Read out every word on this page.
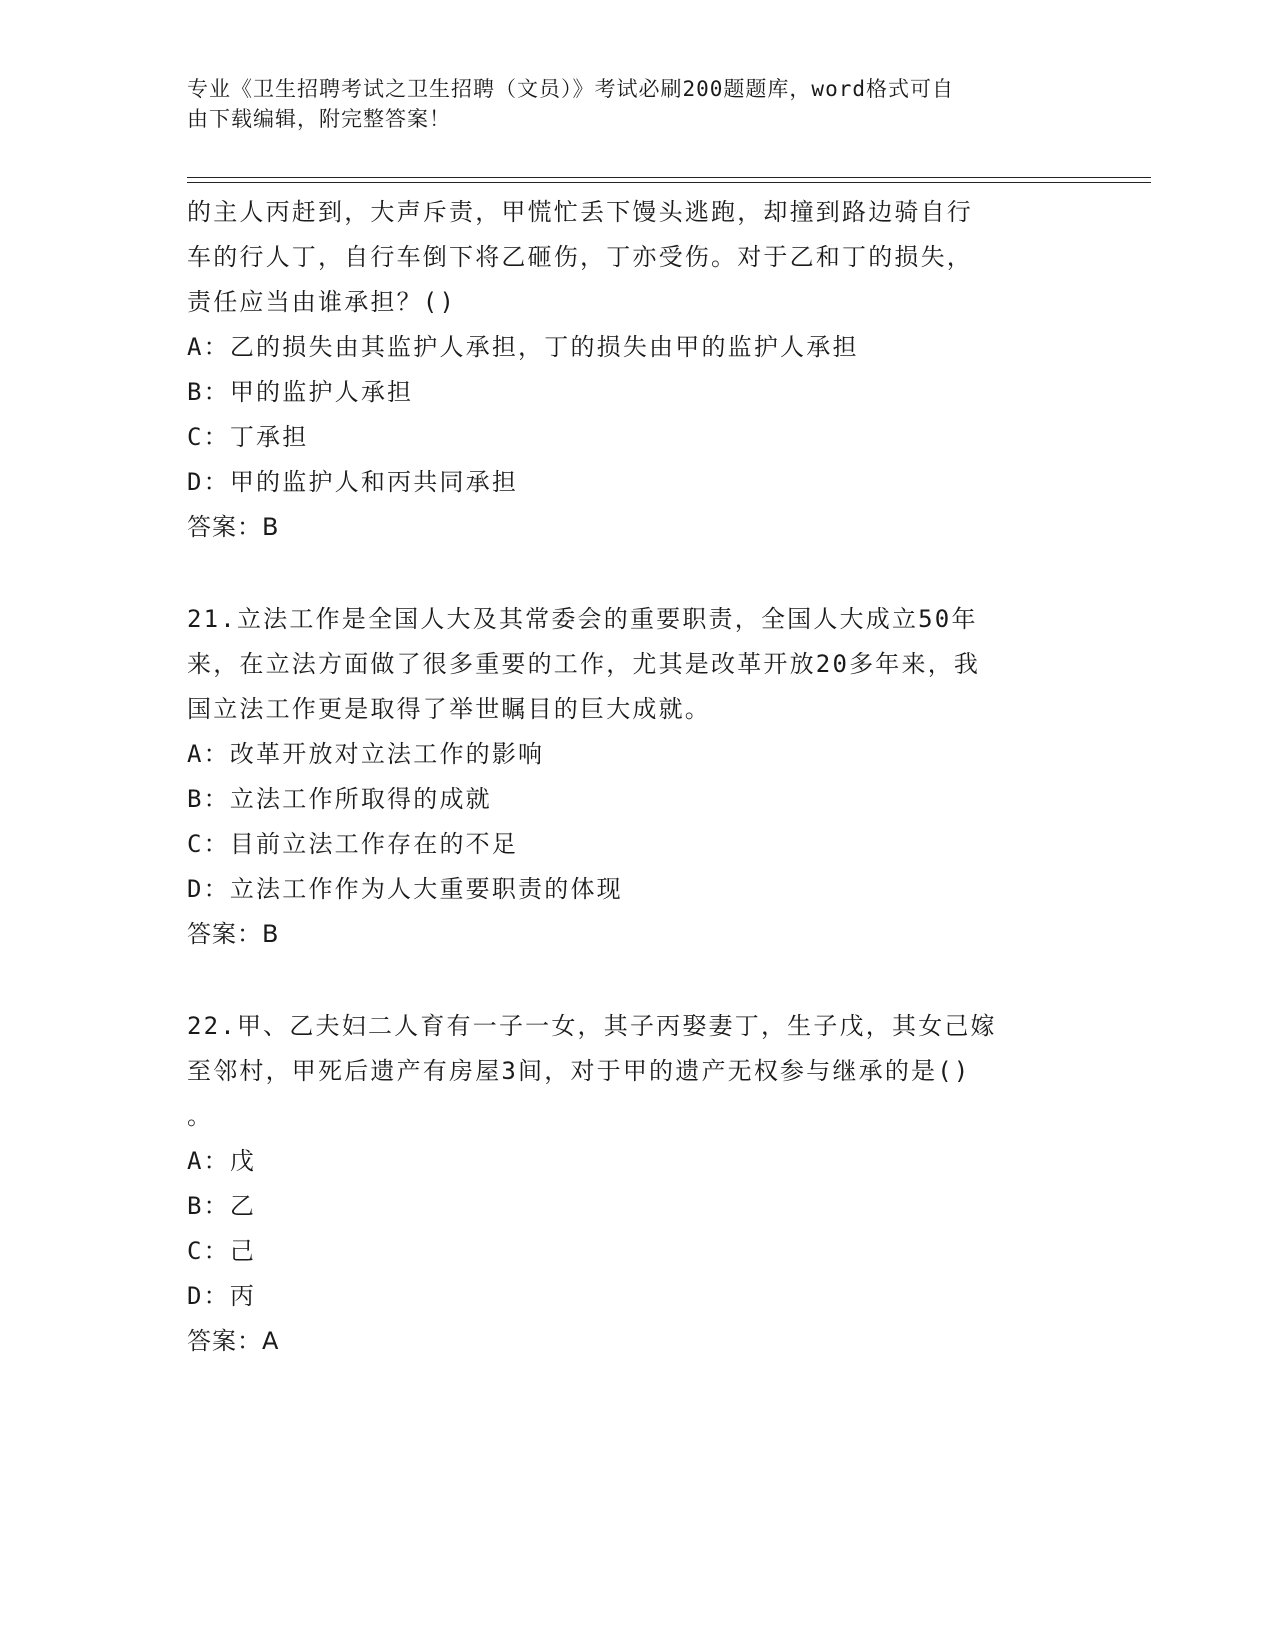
专业《卫生招聘考试之卫生招聘（文员）》考试必刷200题题库，word格式可自
由下载编辑，附完整答案！
的主人丙赶到，大声斥责，甲慌忙丢下馒头逃跑，却撞到路边骑自行
车的行人丁，自行车倒下将乙砸伤，丁亦受伤。对于乙和丁的损失，
责任应当由谁承担？()
A：乙的损失由其监护人承担，丁的损失由甲的监护人承担
B：甲的监护人承担
C：丁承担
D：甲的监护人和丙共同承担
答案：B
21.立法工作是全国人大及其常委会的重要职责，全国人大成立50年
来，在立法方面做了很多重要的工作，尤其是改革开放20多年来，我
国立法工作更是取得了举世瞩目的巨大成就。
A：改革开放对立法工作的影响
B：立法工作所取得的成就
C：目前立法工作存在的不足
D：立法工作作为人大重要职责的体现
答案：B
22.甲、乙夫妇二人育有一子一女，其子丙娶妻丁，生子戊，其女己嫁
至邻村，甲死后遗产有房屋3间，对于甲的遗产无权参与继承的是()
。
A：戊
B：乙
C：己
D：丙
答案：A
